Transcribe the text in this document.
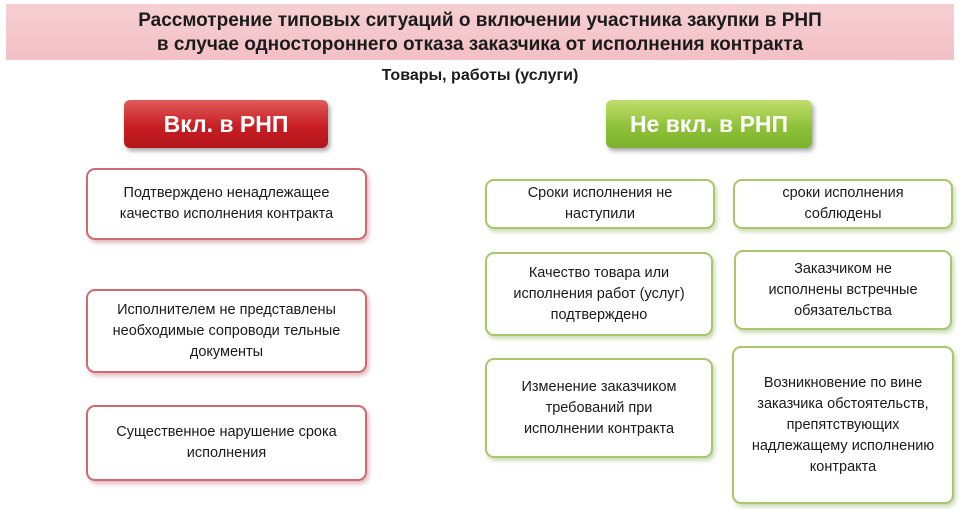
Рассмотрение типовых ситуаций о включении участника закупки в РНП
в случае одностороннего отказа заказчика от исполнения контракта
Товары, работы (услуги)
Вкл. в РНП	Не вкл. в РНП
Подтверждено ненадлежащее качество исполнения контракта
Исполнителем не представлены необходимые сопроводи тельные документы
Существенное нарушение срока исполнения
Сроки исполнения не наступили
Качество товара или исполнения работ (услуг) подтверждено
Изменение заказчиком требований при исполнении контракта
сроки исполнения соблюдены
Заказчиком не исполнены встречные обязательства
Возникновение по вине заказчика обстоятельств, препятствующих надлежащему исполнению контракта
